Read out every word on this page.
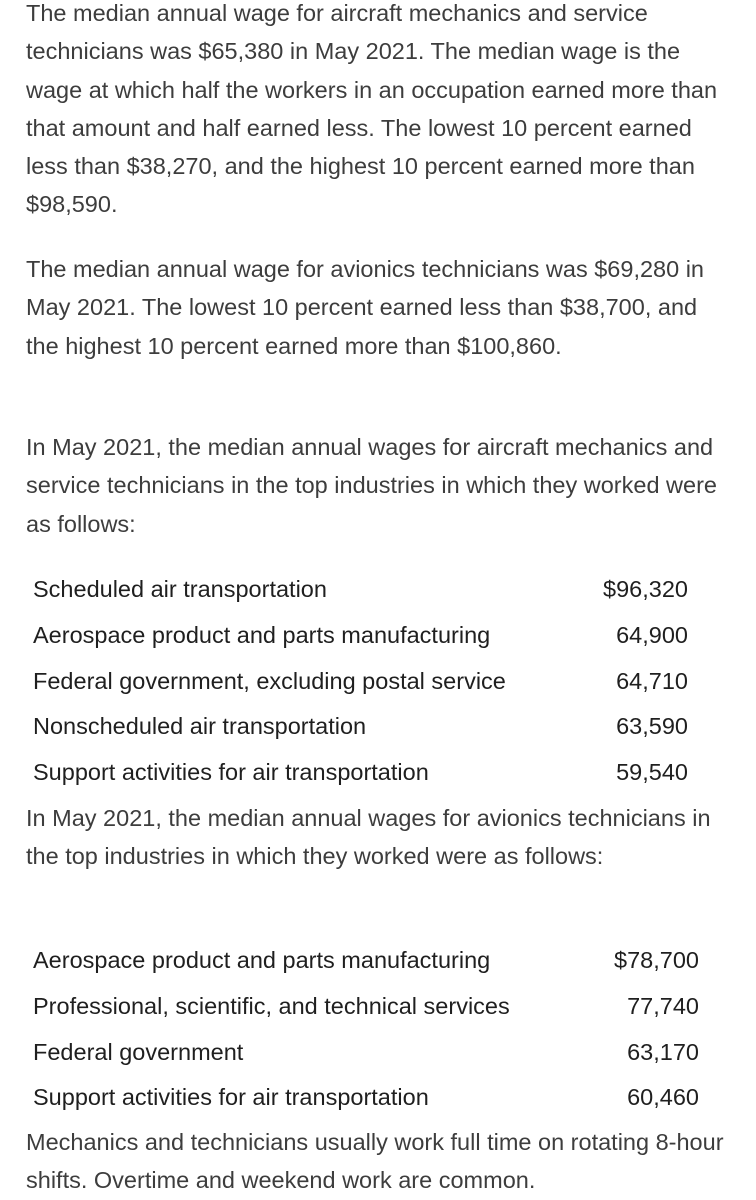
The median annual wage for aircraft mechanics and service technicians was $65,380 in May 2021. The median wage is the wage at which half the workers in an occupation earned more than that amount and half earned less. The lowest 10 percent earned less than $38,270, and the highest 10 percent earned more than $98,590.

The median annual wage for avionics technicians was $69,280 in May 2021. The lowest 10 percent earned less than $38,700, and the highest 10 percent earned more than $100,860.

In May 2021, the median annual wages for aircraft mechanics and service technicians in the top industries in which they worked were as follows:

Scheduled air transportation	$96,320
Aerospace product and parts manufacturing	64,900
Federal government, excluding postal service	64,710
Nonscheduled air transportation	63,590
Support activities for air transportation	59,540

In May 2021, the median annual wages for avionics technicians in the top industries in which they worked were as follows:

Aerospace product and parts manufacturing	$78,700
Professional, scientific, and technical services	77,740
Federal government	63,170
Support activities for air transportation	60,460

Mechanics and technicians usually work full time on rotating 8-hour shifts. Overtime and weekend work are common.
